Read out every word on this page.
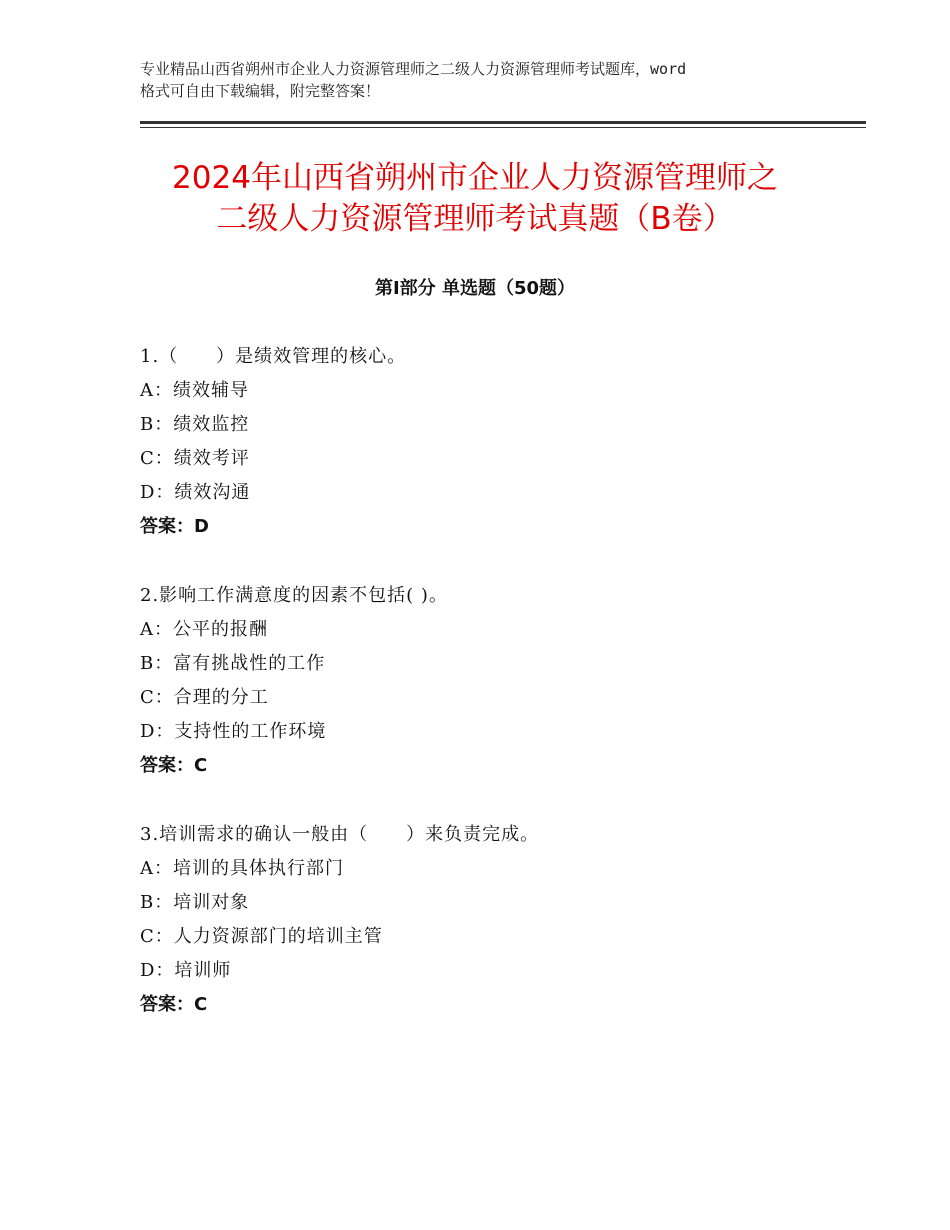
专业精品山西省朔州市企业人力资源管理师之二级人力资源管理师考试题库，word
格式可自由下载编辑，附完整答案！
2024年山西省朔州市企业人力资源管理师之
二级人力资源管理师考试真题（B卷）
第Ⅰ部分 单选题（50题）
1.（　　）是绩效管理的核心。
A：绩效辅导
B：绩效监控
C：绩效考评
D：绩效沟通
答案：D
2.影响工作满意度的因素不包括( )。
A：公平的报酬
B：富有挑战性的工作
C：合理的分工
D：支持性的工作环境
答案：C
3.培训需求的确认一般由（　　）来负责完成。
A：培训的具体执行部门
B：培训对象
C：人力资源部门的培训主管
D：培训师
答案：C
